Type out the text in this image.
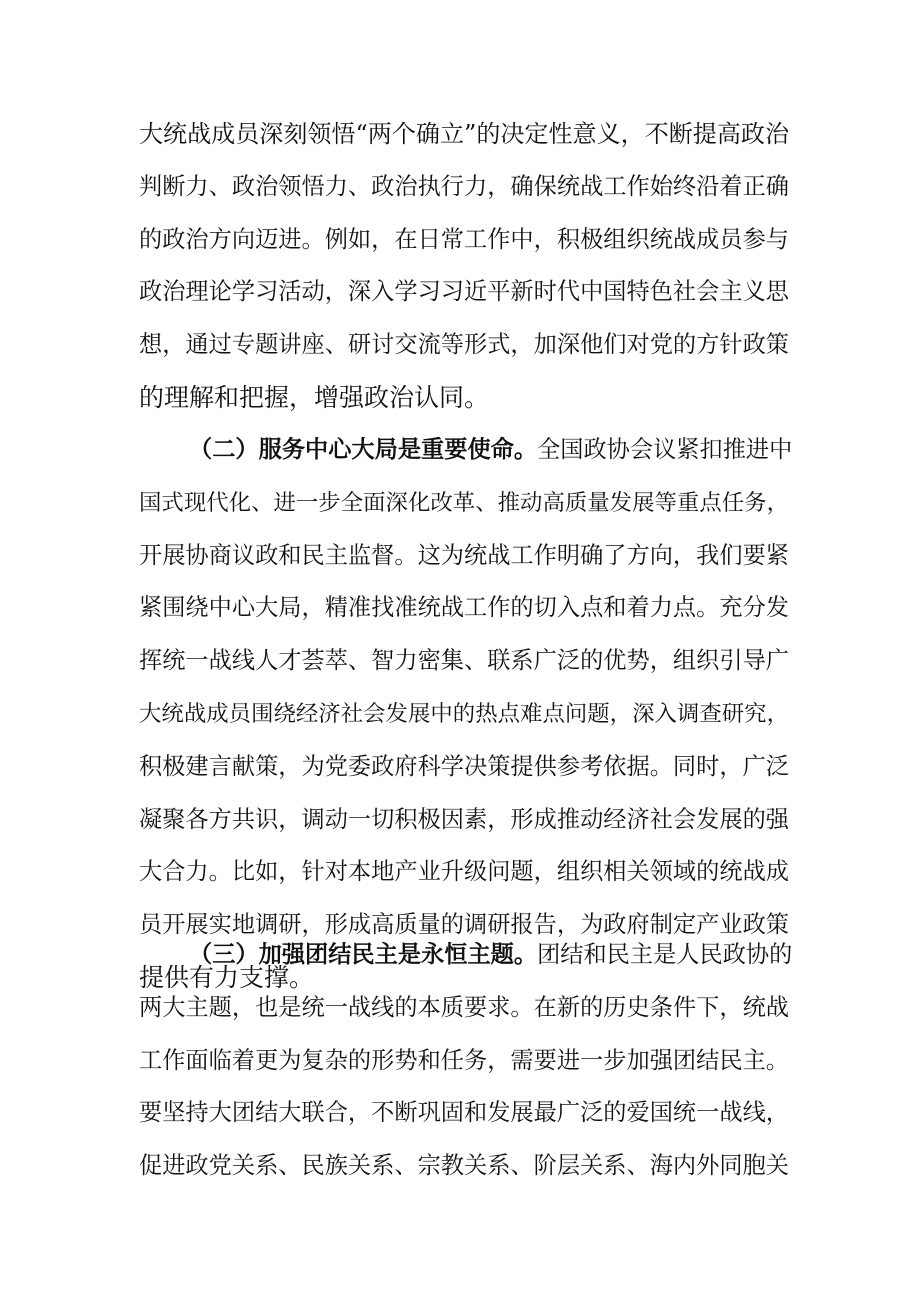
大统战成员深刻领悟“两个确立”的决定性意义，不断提高政治
判断力、政治领悟力、政治执行力，确保统战工作始终沿着正确
的政治方向迈进。例如，在日常工作中，积极组织统战成员参与
政治理论学习活动，深入学习习近平新时代中国特色社会主义思
想，通过专题讲座、研讨交流等形式，加深他们对党的方针政策
的理解和把握，增强政治认同。
（二）服务中心大局是重要使命。全国政协会议紧扣推进中
国式现代化、进一步全面深化改革、推动高质量发展等重点任务，
开展协商议政和民主监督。这为统战工作明确了方向，我们要紧
紧围绕中心大局，精准找准统战工作的切入点和着力点。充分发
挥统一战线人才荟萃、智力密集、联系广泛的优势，组织引导广
大统战成员围绕经济社会发展中的热点难点问题，深入调查研究，
积极建言献策，为党委政府科学决策提供参考依据。同时，广泛
凝聚各方共识，调动一切积极因素，形成推动经济社会发展的强
大合力。比如，针对本地产业升级问题，组织相关领域的统战成
员开展实地调研，形成高质量的调研报告，为政府制定产业政策
提供有力支撑。
（三）加强团结民主是永恒主题。团结和民主是人民政协的
两大主题，也是统一战线的本质要求。在新的历史条件下，统战
工作面临着更为复杂的形势和任务，需要进一步加强团结民主。
要坚持大团结大联合，不断巩固和发展最广泛的爱国统一战线，
促进政党关系、民族关系、宗教关系、阶层关系、海内外同胞关
